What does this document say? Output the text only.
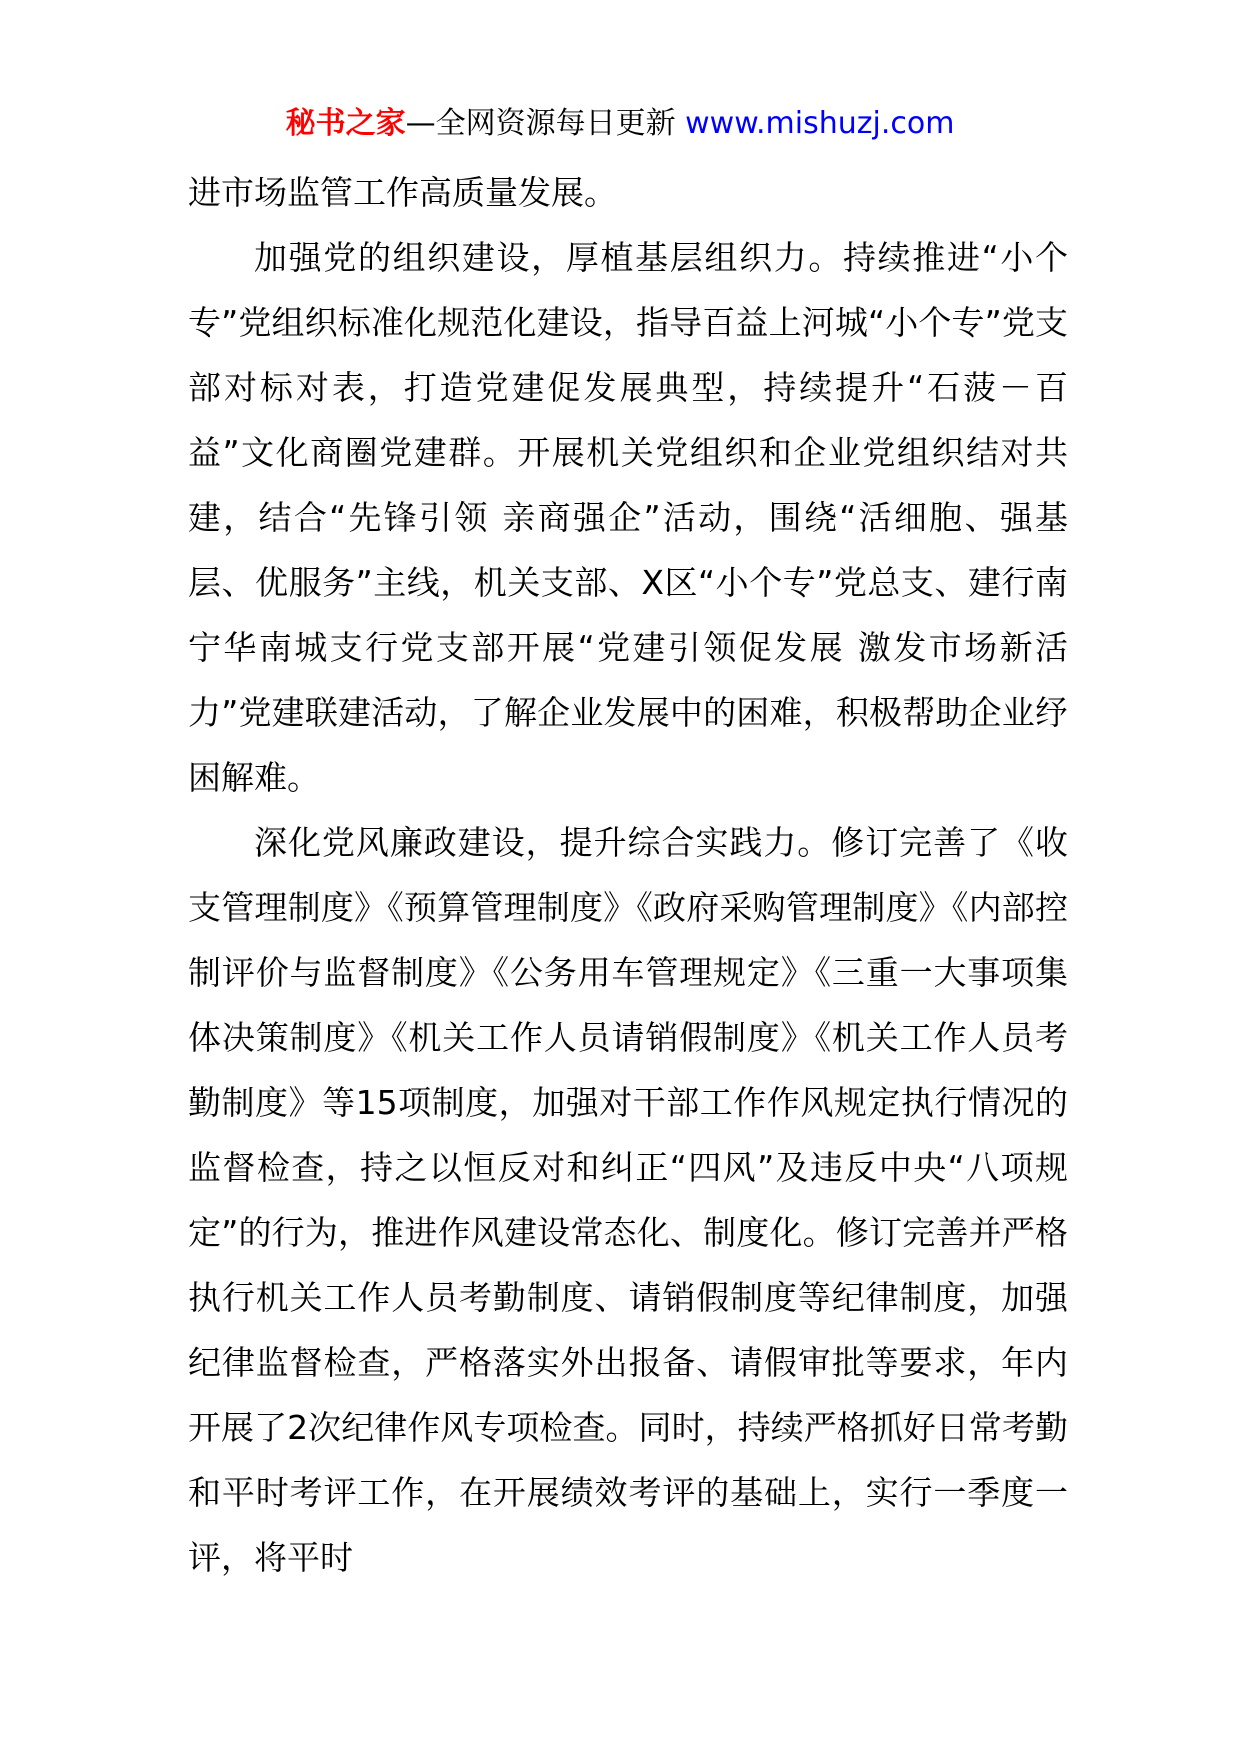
秘书之家—全网资源每日更新 www.mishuzj.com

进市场监管工作高质量发展。

加强党的组织建设，厚植基层组织力。持续推进“小个专”党组织标准化规范化建设，指导百益上河城“小个专”党支部对标对表，打造党建促发展典型，持续提升“石菠－百益”文化商圈党建群。开展机关党组织和企业党组织结对共建，结合“先锋引领 亲商强企”活动，围绕“活细胞、强基层、优服务”主线，机关支部、X区“小个专”党总支、建行南宁华南城支行党支部开展“党建引领促发展 激发市场新活力”党建联建活动，了解企业发展中的困难，积极帮助企业纾困解难。

深化党风廉政建设，提升综合实践力。修订完善了《收支管理制度》《预算管理制度》《政府采购管理制度》《内部控制评价与监督制度》《公务用车管理规定》《三重一大事项集体决策制度》《机关工作人员请销假制度》《机关工作人员考勤制度》等15项制度，加强对干部工作作风规定执行情况的监督检查，持之以恒反对和纠正“四风”及违反中央“八项规定”的行为，推进作风建设常态化、制度化。修订完善并严格执行机关工作人员考勤制度、请销假制度等纪律制度，加强纪律监督检查，严格落实外出报备、请假审批等要求，年内开展了2次纪律作风专项检查。同时，持续严格抓好日常考勤和平时考评工作，在开展绩效考评的基础上，实行一季度一评，将平时
